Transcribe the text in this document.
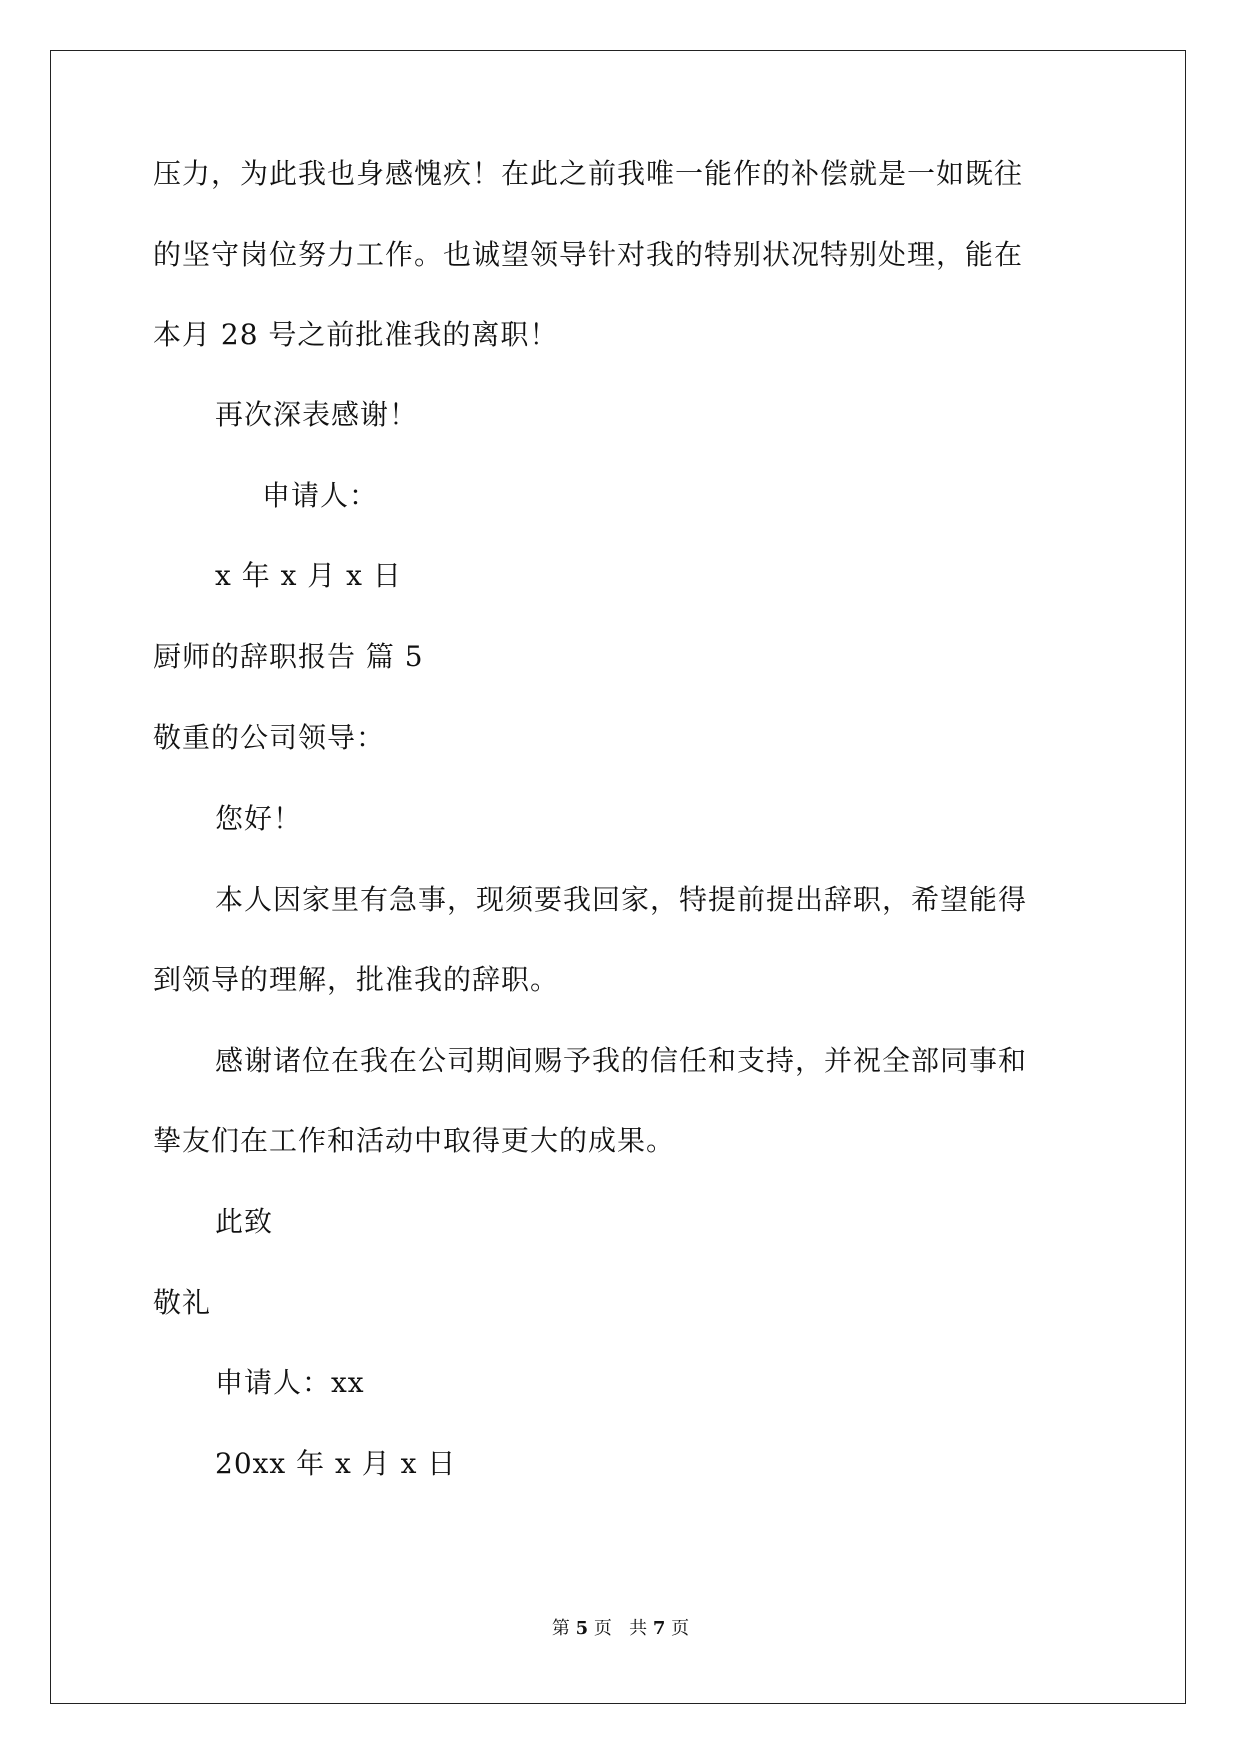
压力，为此我也身感愧疚！在此之前我唯一能作的补偿就是一如既往
的坚守岗位努力工作。也诚望领导针对我的特别状况特别处理，能在
本月 28 号之前批准我的离职！
再次深表感谢！
申请人：
x 年 x 月 x 日
厨师的辞职报告 篇 5
敬重的公司领导：
您好！
本人因家里有急事，现须要我回家，特提前提出辞职，希望能得
到领导的理解，批准我的辞职。
感谢诸位在我在公司期间赐予我的信任和支持，并祝全部同事和
挚友们在工作和活动中取得更大的成果。
此致
敬礼
申请人：xx
20xx 年 x 月 x 日
第 5 页 共 7 页
